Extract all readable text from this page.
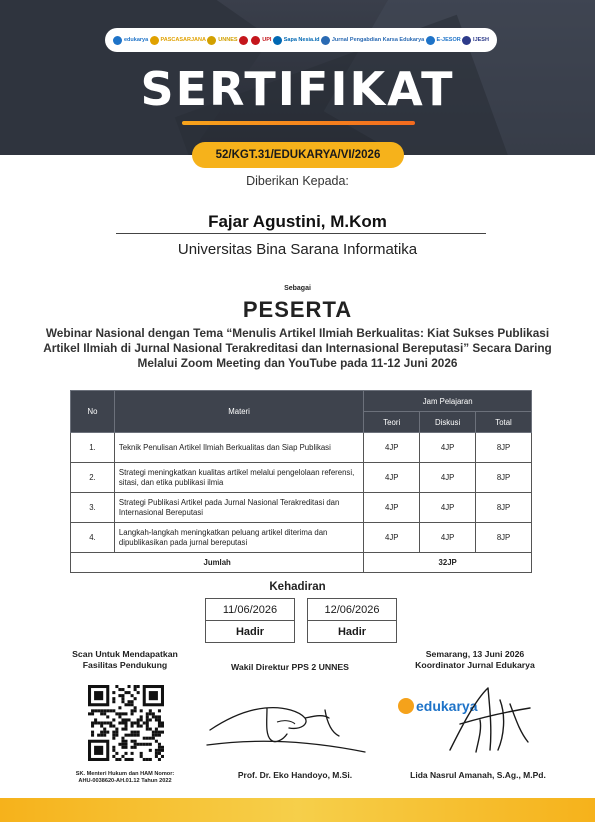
edukarya PASCASARJANA UNNES	UPI Sapa Nesia.id Jurnal Pengabdian Karsa Edukarya E-JESOR IJESH
SERTIFIKAT
52/KGT.31/EDUKARYA/VI/2026
Diberikan Kepada:
Fajar Agustini, M.Kom
Universitas Bina Sarana Informatika
Sebagai
PESERTA
Webinar Nasional dengan Tema “Menulis Artikel Ilmiah Berkualitas: Kiat Sukses Publikasi Artikel Ilmiah di Jurnal Nasional Terakreditasi dan Internasional Bereputasi” Secara Daring Melalui Zoom Meeting dan YouTube pada 11-12 Juni 2026
No	Materi	Jam Pelajaran		
		Teori	Diskusi	Total
1.	Teknik Penulisan Artikel Ilmiah Berkualitas dan Siap Publikasi	4JP	4JP	8JP
2.	Strategi meningkatkan kualitas artikel melalui pengelolaan referensi, sitasi, dan etika publikasi ilmia	4JP	4JP	8JP
3.	Strategi Publikasi Artikel pada Jurnal Nasional Terakreditasi dan Internasional Bereputasi	4JP	4JP	8JP
4.	Langkah-langkah meningkatkan peluang artikel diterima dan dipublikasikan pada jurnal bereputasi	4JP	4JP	8JP
Jumlah		32JP		
Kehadiran
11/06/2026
Hadir
12/06/2026
Hadir
Scan Untuk Mendapatkan
Fasilitas Pendukung
SK. Menteri Hukum dan HAM Nomor:
AHU-0038620-AH.01.12 Tahun 2022
Wakil Direktur PPS 2 UNNES
Prof. Dr. Eko Handoyo, M.Si.
Semarang, 13 Juni 2026
Koordinator Jurnal Edukarya
edukarya
Lida Nasrul Amanah, S.Ag., M.Pd.
